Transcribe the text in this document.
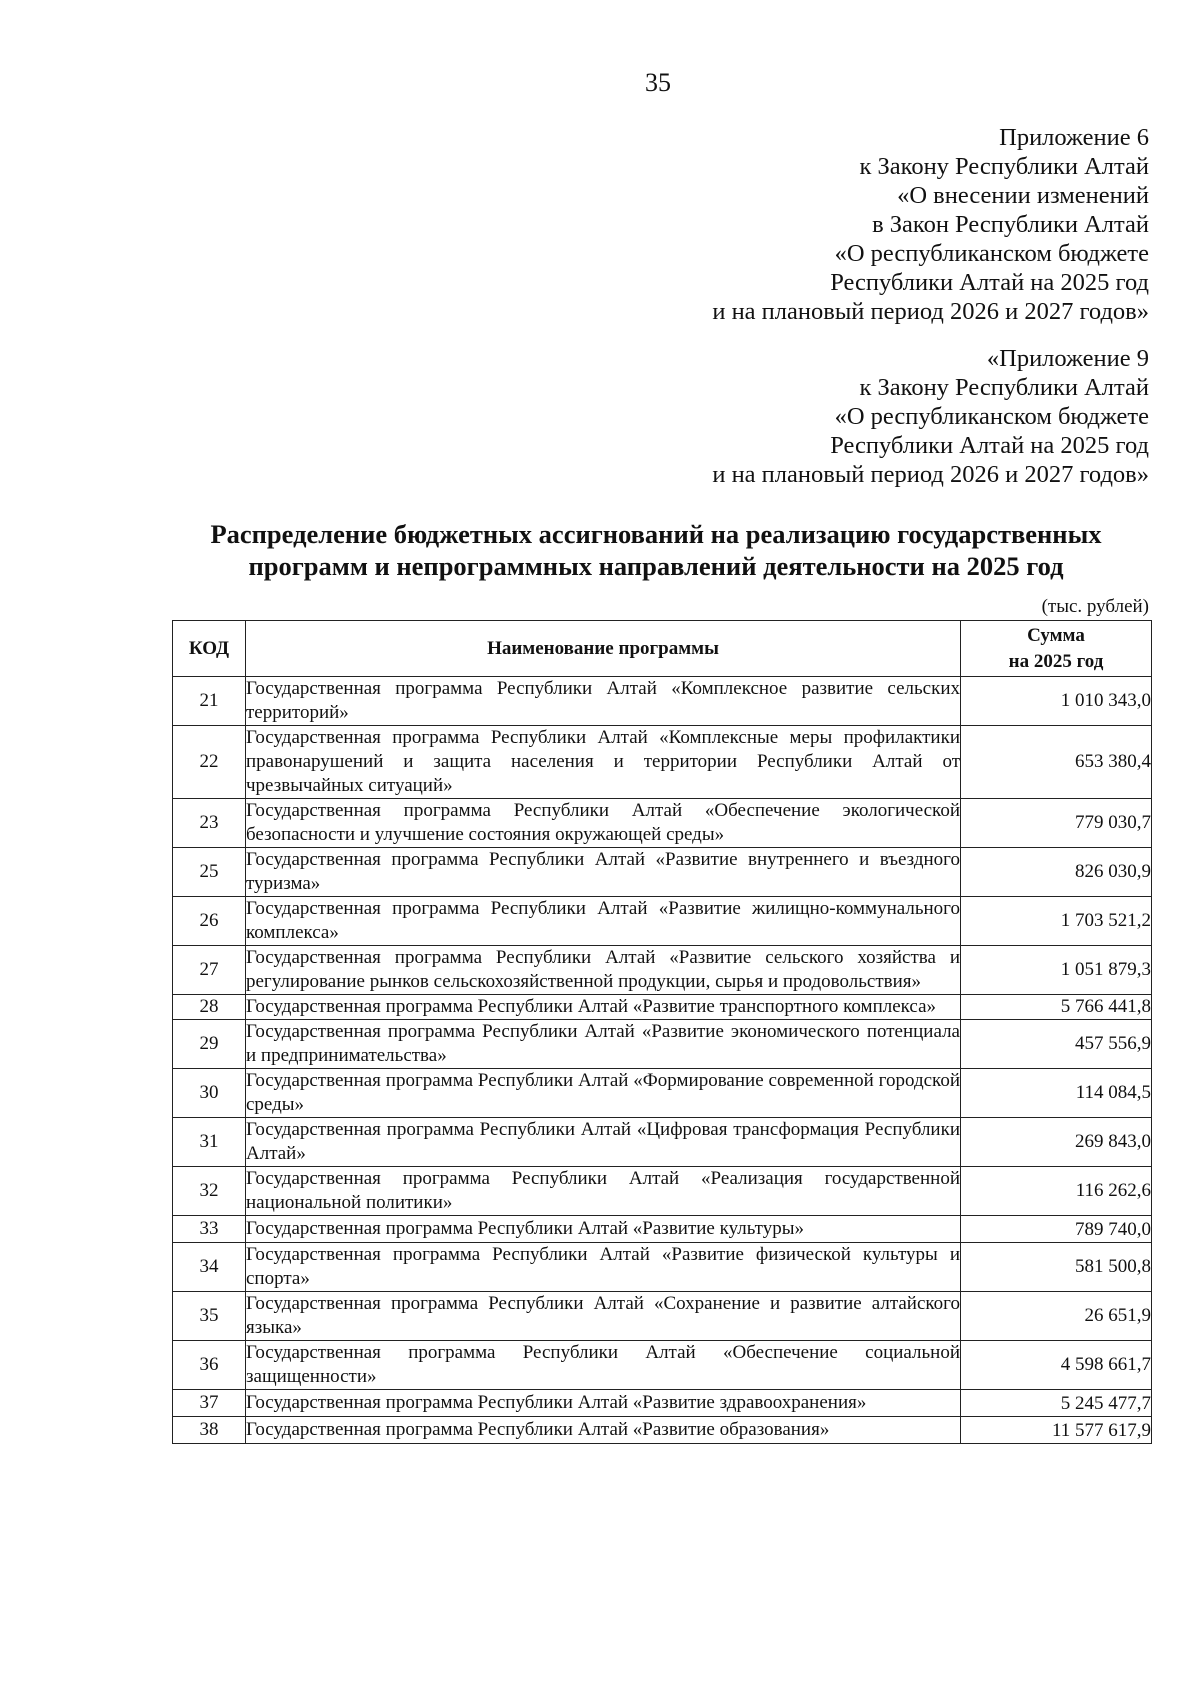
35
Приложение 6
к Закону Республики Алтай
«О внесении изменений
в Закон Республики Алтай
«О республиканском бюджете
Республики Алтай на 2025 год
и на плановый период 2026 и 2027 годов»
«Приложение 9
к Закону Республики Алтай
«О республиканском бюджете
Республики Алтай на 2025 год
и на плановый период 2026 и 2027 годов»
Распределение бюджетных ассигнований на реализацию государственных
программ и непрограммных направлений деятельности на 2025 год
(тыс. рублей)
КОД	Наименование программы	Сумма
на 2025 год

21	Государственная программа Республики Алтай «Комплексное развитие сельских территорий»	1 010 343,0
22	Государственная программа Республики Алтай «Комплексные меры профилактики правонарушений и защита населения и территории Республики Алтай от чрезвычайных ситуаций»	653 380,4
23	Государственная программа Республики Алтай «Обеспечение экологической безопасности и улучшение состояния окружающей среды»	779 030,7
25	Государственная программа Республики Алтай «Развитие внутреннего и въездного туризма»	826 030,9
26	Государственная программа Республики Алтай «Развитие жилищно-коммунального комплекса»	1 703 521,2
27	Государственная программа Республики Алтай «Развитие сельского хозяйства и регулирование рынков сельскохозяйственной продукции, сырья и продовольствия»	1 051 879,3
28	Государственная программа Республики Алтай «Развитие транспортного комплекса»	5 766 441,8
29	Государственная программа Республики Алтай «Развитие экономического потенциала и предпринимательства»	457 556,9
30	Государственная программа Республики Алтай «Формирование современной городской среды»	114 084,5
31	Государственная программа Республики Алтай «Цифровая трансформация Республики Алтай»	269 843,0
32	Государственная программа Республики Алтай «Реализация государственной национальной политики»	116 262,6
33	Государственная программа Республики Алтай «Развитие культуры»	789 740,0
34	Государственная программа Республики Алтай «Развитие физической культуры и спорта»	581 500,8
35	Государственная программа Республики Алтай «Сохранение и развитие алтайского языка»	26 651,9
36	Государственная программа Республики Алтай «Обеспечение социальной защищенности»	4 598 661,7
37	Государственная программа Республики Алтай «Развитие здравоохранения»	5 245 477,7
38	Государственная программа Республики Алтай «Развитие образования»	11 577 617,9
